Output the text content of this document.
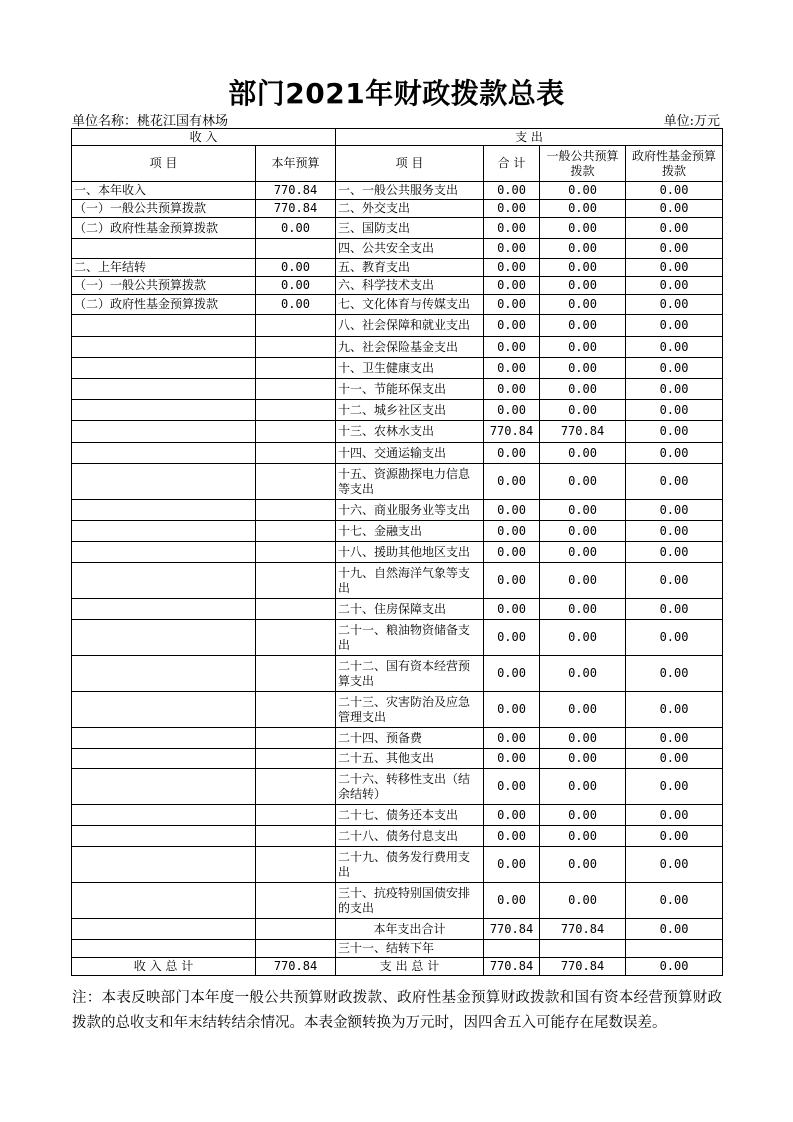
部门2021年财政拨款总表
单位名称：桃花江国有林场	单位:万元
收 入		支 出			
项 目	本年预算	项 目	合 计	一般公共预算拨款	政府性基金预算拨款
一、本年收入	770.84	一、一般公共服务支出	0.00	0.00	0.00
（一）一般公共预算拨款	770.84	二、外交支出	0.00	0.00	0.00
（二）政府性基金预算拨款	0.00	三、国防支出	0.00	0.00	0.00
		四、公共安全支出	0.00	0.00	0.00
二、上年结转	0.00	五、教育支出	0.00	0.00	0.00
（一）一般公共预算拨款	0.00	六、科学技术支出	0.00	0.00	0.00
（二）政府性基金预算拨款	0.00	七、文化体育与传媒支出	0.00	0.00	0.00
		八、社会保障和就业支出	0.00	0.00	0.00
		九、社会保险基金支出	0.00	0.00	0.00
		十、卫生健康支出	0.00	0.00	0.00
		十一、节能环保支出	0.00	0.00	0.00
		十二、城乡社区支出	0.00	0.00	0.00
		十三、农林水支出	770.84	770.84	0.00
		十四、交通运输支出	0.00	0.00	0.00
		十五、资源勘探电力信息等支出	0.00	0.00	0.00
		十六、商业服务业等支出	0.00	0.00	0.00
		十七、金融支出	0.00	0.00	0.00
		十八、援助其他地区支出	0.00	0.00	0.00
		十九、自然海洋气象等支出	0.00	0.00	0.00
		二十、住房保障支出	0.00	0.00	0.00
		二十一、粮油物资储备支出	0.00	0.00	0.00
		二十二、国有资本经营预算支出	0.00	0.00	0.00
		二十三、灾害防治及应急管理支出	0.00	0.00	0.00
		二十四、预备费	0.00	0.00	0.00
		二十五、其他支出	0.00	0.00	0.00
		二十六、转移性支出（结余结转）	0.00	0.00	0.00
		二十七、债务还本支出	0.00	0.00	0.00
		二十八、债务付息支出	0.00	0.00	0.00
		二十九、债务发行费用支出	0.00	0.00	0.00
		三十、抗疫特别国债安排的支出	0.00	0.00	0.00
		本年支出合计	770.84	770.84	0.00
		三十一、结转下年			
收 入 总 计	770.84	支 出 总 计	770.84	770.84	0.00
注：本表反映部门本年度一般公共预算财政拨款、政府性基金预算财政拨款和国有资本经营预算财政拨款的总收支和年末结转结余情况。本表金额转换为万元时，因四舍五入可能存在尾数误差。
